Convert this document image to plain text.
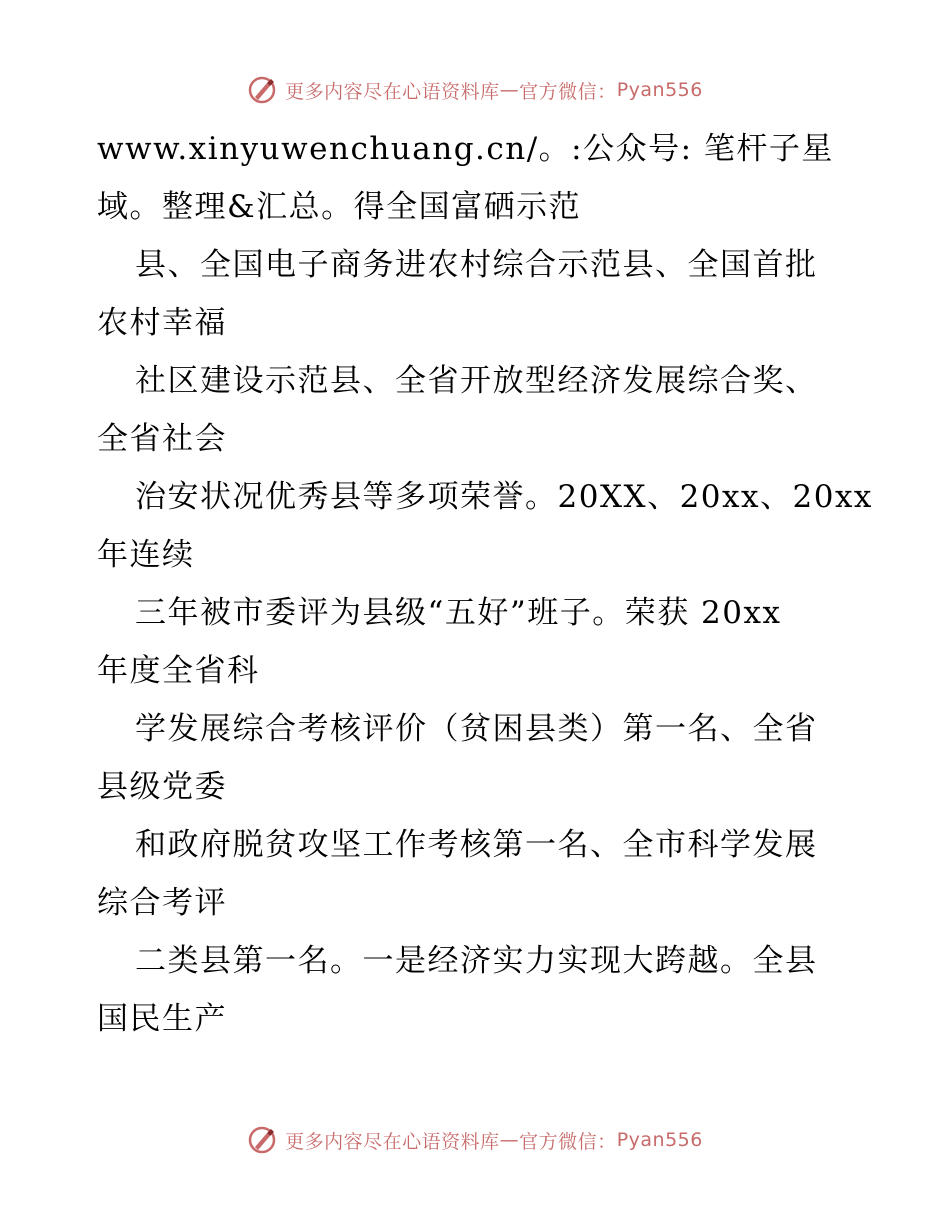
更多内容尽在心语资料库 — 官方微信： Pyan556
www.xinyuwenchuang.cn/。:公众号: 笔杆子星
域。整理&汇总。得全国富硒示范
县、全国电子商务进农村综合示范县、全国首批
农村幸福
社区建设示范县、全省开放型经济发展综合奖、
全省社会
治安状况优秀县等多项荣誉。20XX、20xx、20xx
年连续
三年被市委评为县级“五好”班子。荣获 20xx
年度全省科
学发展综合考核评价（贫困县类）第一名、全省
县级党委
和政府脱贫攻坚工作考核第一名、全市科学发展
综合考评
二类县第一名。一是经济实力实现大跨越。全县
国民生产
更多内容尽在心语资料库 — 官方微信： Pyan556
